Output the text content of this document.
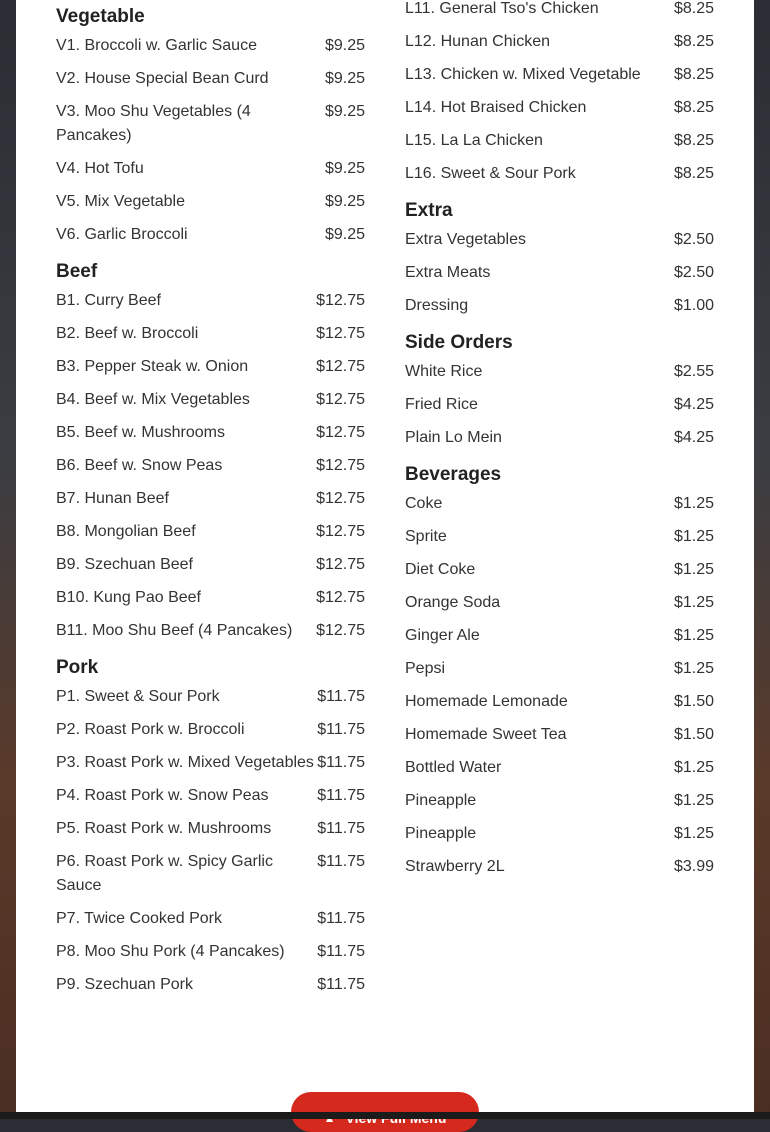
Vegetable
V1. Broccoli w. Garlic Sauce	$9.25
V2. House Special Bean Curd	$9.25
V3. Moo Shu Vegetables (4 Pancakes)
$9.25
V4. Hot Tofu	$9.25
V5. Mix Vegetable	$9.25
V6. Garlic Broccoli	$9.25
Beef
B1. Curry Beef	$12.75
B2. Beef w. Broccoli	$12.75
B3. Pepper Steak w. Onion	$12.75
B4. Beef w. Mix Vegetables	$12.75
B5. Beef w. Mushrooms	$12.75
B6. Beef w. Snow Peas	$12.75
B7. Hunan Beef	$12.75
B8. Mongolian Beef	$12.75
B9. Szechuan Beef	$12.75
B10. Kung Pao Beef	$12.75
B11. Moo Shu Beef (4 Pancakes)	$12.75
Pork
P1. Sweet & Sour Pork	$11.75
P2. Roast Pork w. Broccoli	$11.75
P3. Roast Pork w. Mixed Vegetables $11.75
P4. Roast Pork w. Snow Peas	$11.75
P5. Roast Pork w. Mushrooms	$11.75
P6. Roast Pork w. Spicy Garlic Sauce
$11.75
P7. Twice Cooked Pork	$11.75
P8. Moo Shu Pork (4 Pancakes)	$11.75
P9. Szechuan Pork	$11.75
L11. General Tso's Chicken	$8.25
L12. Hunan Chicken	$8.25
L13. Chicken w. Mixed Vegetable	$8.25
L14. Hot Braised Chicken	$8.25
L15. La La Chicken	$8.25
L16. Sweet & Sour Pork	$8.25
Extra
Extra Vegetables	$2.50
Extra Meats	$2.50
Dressing	$1.00
Side Orders
White Rice	$2.55
Fried Rice	$4.25
Plain Lo Mein	$4.25
Beverages
Coke	$1.25
Sprite	$1.25
Diet Coke	$1.25
Orange Soda	$1.25
Ginger Ale	$1.25
Pepsi	$1.25
Homemade Lemonade	$1.50
Homemade Sweet Tea	$1.50
Bottled Water	$1.25
Pineapple	$1.25
Pineapple	$1.25
Strawberry 2L	$3.99
